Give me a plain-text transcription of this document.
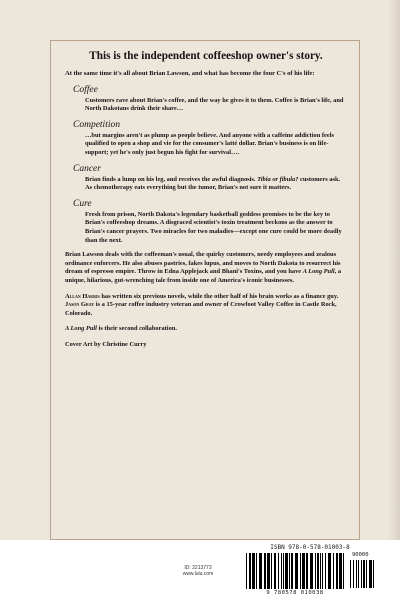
This is the independent coffeeshop owner's story.
At the same time it's all about Brian Lawson, and what has become the four C's of his life:
Coffee
Customers rave about Brian's coffee, and the way he gives it to them. Coffee is Brian's life, and North Dakotans drink their share…
Competition
…but margins aren't as plump as people believe. And anyone with a caffeine addiction feels qualified to open a shop and vie for the consumer's latté dollar. Brian's business is on life-support; yet he's only just begun his fight for survival….
Cancer
Brian finds a lump on his leg, and receives the awful diagnosis. Tibia or fibula? customers ask. As chemotherapy eats everything but the tumor, Brian's not sure it matters.
Cure
Fresh from prison, North Dakota's legendary basketball goddess promises to be the key to Brian's coffeeshop dreams. A disgraced scientist's toxin treatment beckons as the answer to Brian's cancer prayers. Two miracles for two maladies—except one cure could be more deadly than the next.
Brian Lawson deals with the coffeeman's usual, the quirky customers, needy employees and zealous ordinance enforcers. He also abuses pastries, fakes lupus, and moves to North Dakota to resurrect his dream of espresso empire. Throw in Edna Applejack and Bhani's Toxins, and you have A Long Pull, a unique, hilarious, gut-wrenching tale from inside one of America's iconic businesses.
Allan Harris has written six previous novels, while the other half of his brain works as a finance guy.
Jason Gray is a 15-year coffee industry veteran and owner of Crowfoot Valley Coffee in Castle Rock, Colorado.
A Long Pull is their second collaboration.
Cover Art by Christine Curry
ID: 2213773
www.lulu.com
ISBN 978-0-578-01003-8
90000
9 780578 010038
